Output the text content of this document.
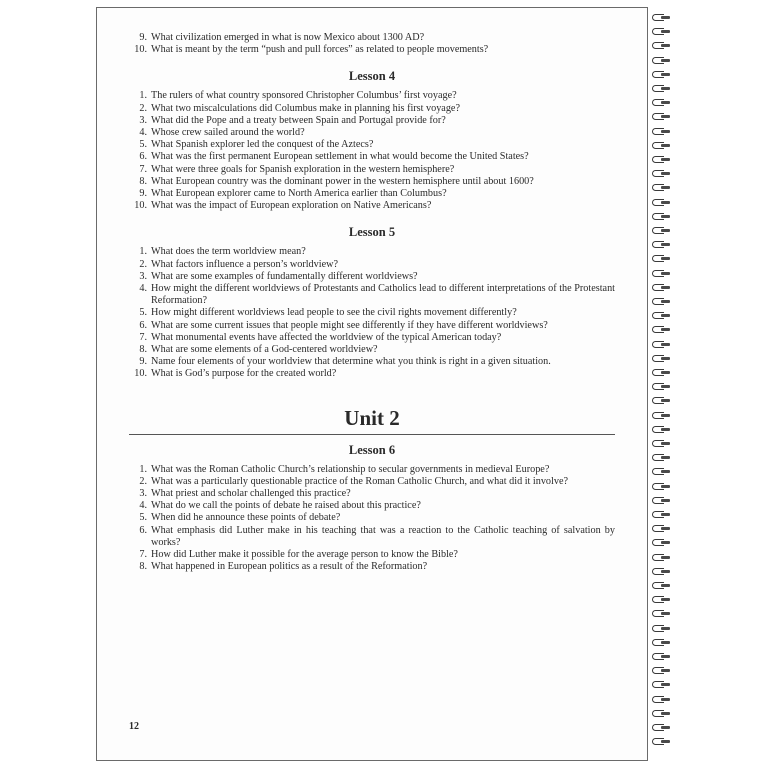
9. What civilization emerged in what is now Mexico about 1300 AD?
10. What is meant by the term “push and pull forces” as related to people movements?
Lesson 4
1. The rulers of what country sponsored Christopher Columbus’ first voyage?
2. What two miscalculations did Columbus make in planning his first voyage?
3. What did the Pope and a treaty between Spain and Portugal provide for?
4. Whose crew sailed around the world?
5. What Spanish explorer led the conquest of the Aztecs?
6. What was the first permanent European settlement in what would become the United States?
7. What were three goals for Spanish exploration in the western hemisphere?
8. What European country was the dominant power in the western hemisphere until about 1600?
9. What European explorer came to North America earlier than Columbus?
10. What was the impact of European exploration on Native Americans?
Lesson 5
1. What does the term worldview mean?
2. What factors influence a person’s worldview?
3. What are some examples of fundamentally different worldviews?
4. How might the different worldviews of Protestants and Catholics lead to different interpretations of the Protestant Reformation?
5. How might different worldviews lead people to see the civil rights movement differently?
6. What are some current issues that people might see differently if they have different worldviews?
7. What monumental events have affected the worldview of the typical American today?
8. What are some elements of a God-centered worldview?
9. Name four elements of your worldview that determine what you think is right in a given situation.
10. What is God’s purpose for the created world?
Unit 2
Lesson 6
1. What was the Roman Catholic Church’s relationship to secular governments in medieval Europe?
2. What was a particularly questionable practice of the Roman Catholic Church, and what did it involve?
3. What priest and scholar challenged this practice?
4. What do we call the points of debate he raised about this practice?
5. When did he announce these points of debate?
6. What emphasis did Luther make in his teaching that was a reaction to the Catholic teaching of salvation by works?
7. How did Luther make it possible for the average person to know the Bible?
8. What happened in European politics as a result of the Reformation?
12
